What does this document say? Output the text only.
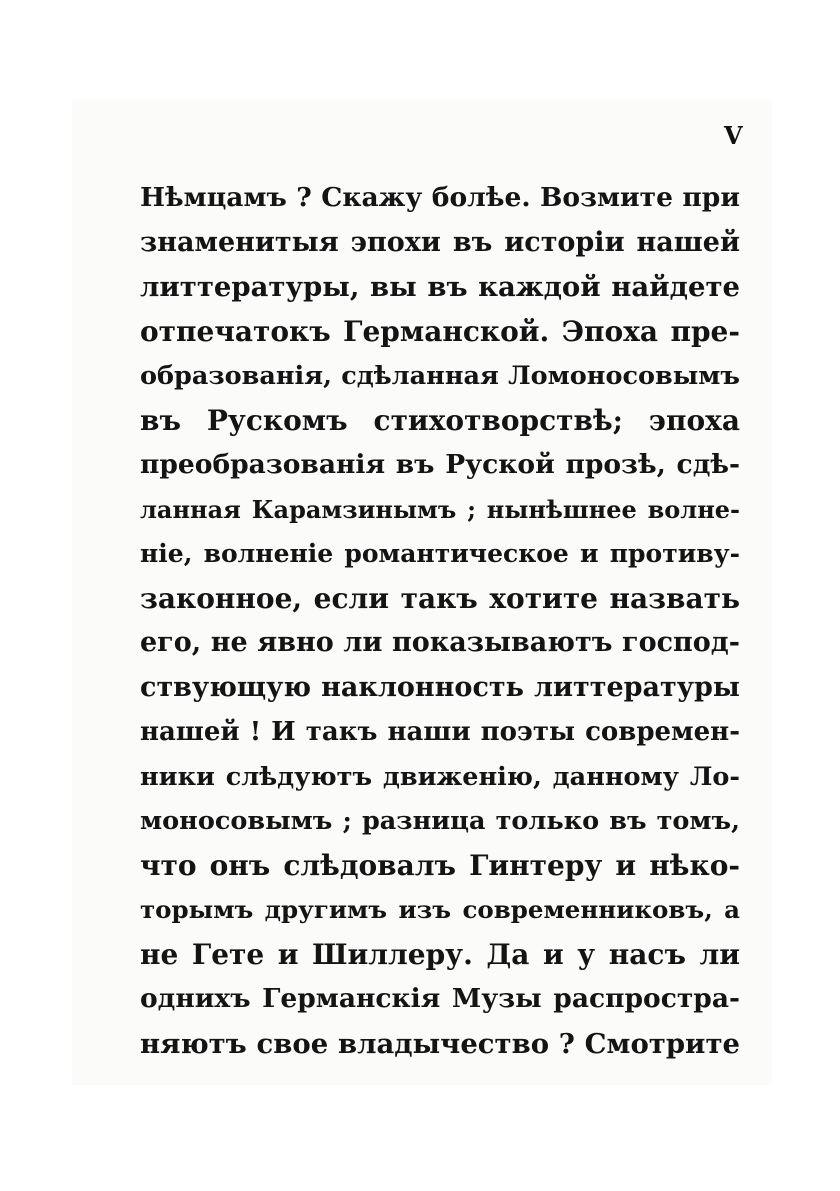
V
Нѣмцамъ ? Скажу болѣе. Возмите при
знаменитыя эпохи въ исторіи нашей
литтературы, вы въ каждой найдете
отпечатокъ Германской. Эпоха пре-
образованія, сдѣланная Ломоносовымъ
въ Рускомъ стихотворствѣ; эпоха
преобразованія въ Руской прозѣ, сдѣ-
ланная Карамзинымъ ; нынѣшнее волне-
ніе, волненіе романтическое и противу-
законное, если такъ хотите назвать
его, не явно ли показываютъ господ-
ствующую наклонность литтературы
нашей ! И такъ наши поэты современ-
ники слѣдуютъ движенію, данному Ло-
моносовымъ ; разница только въ томъ,
что онъ слѣдовалъ Гинтеру и нѣко-
торымъ другимъ изъ современниковъ, а
не Гете и Шиллеру. Да и у насъ ли
однихъ Германскія Музы распростра-
няютъ свое владычество ? Смотрите
